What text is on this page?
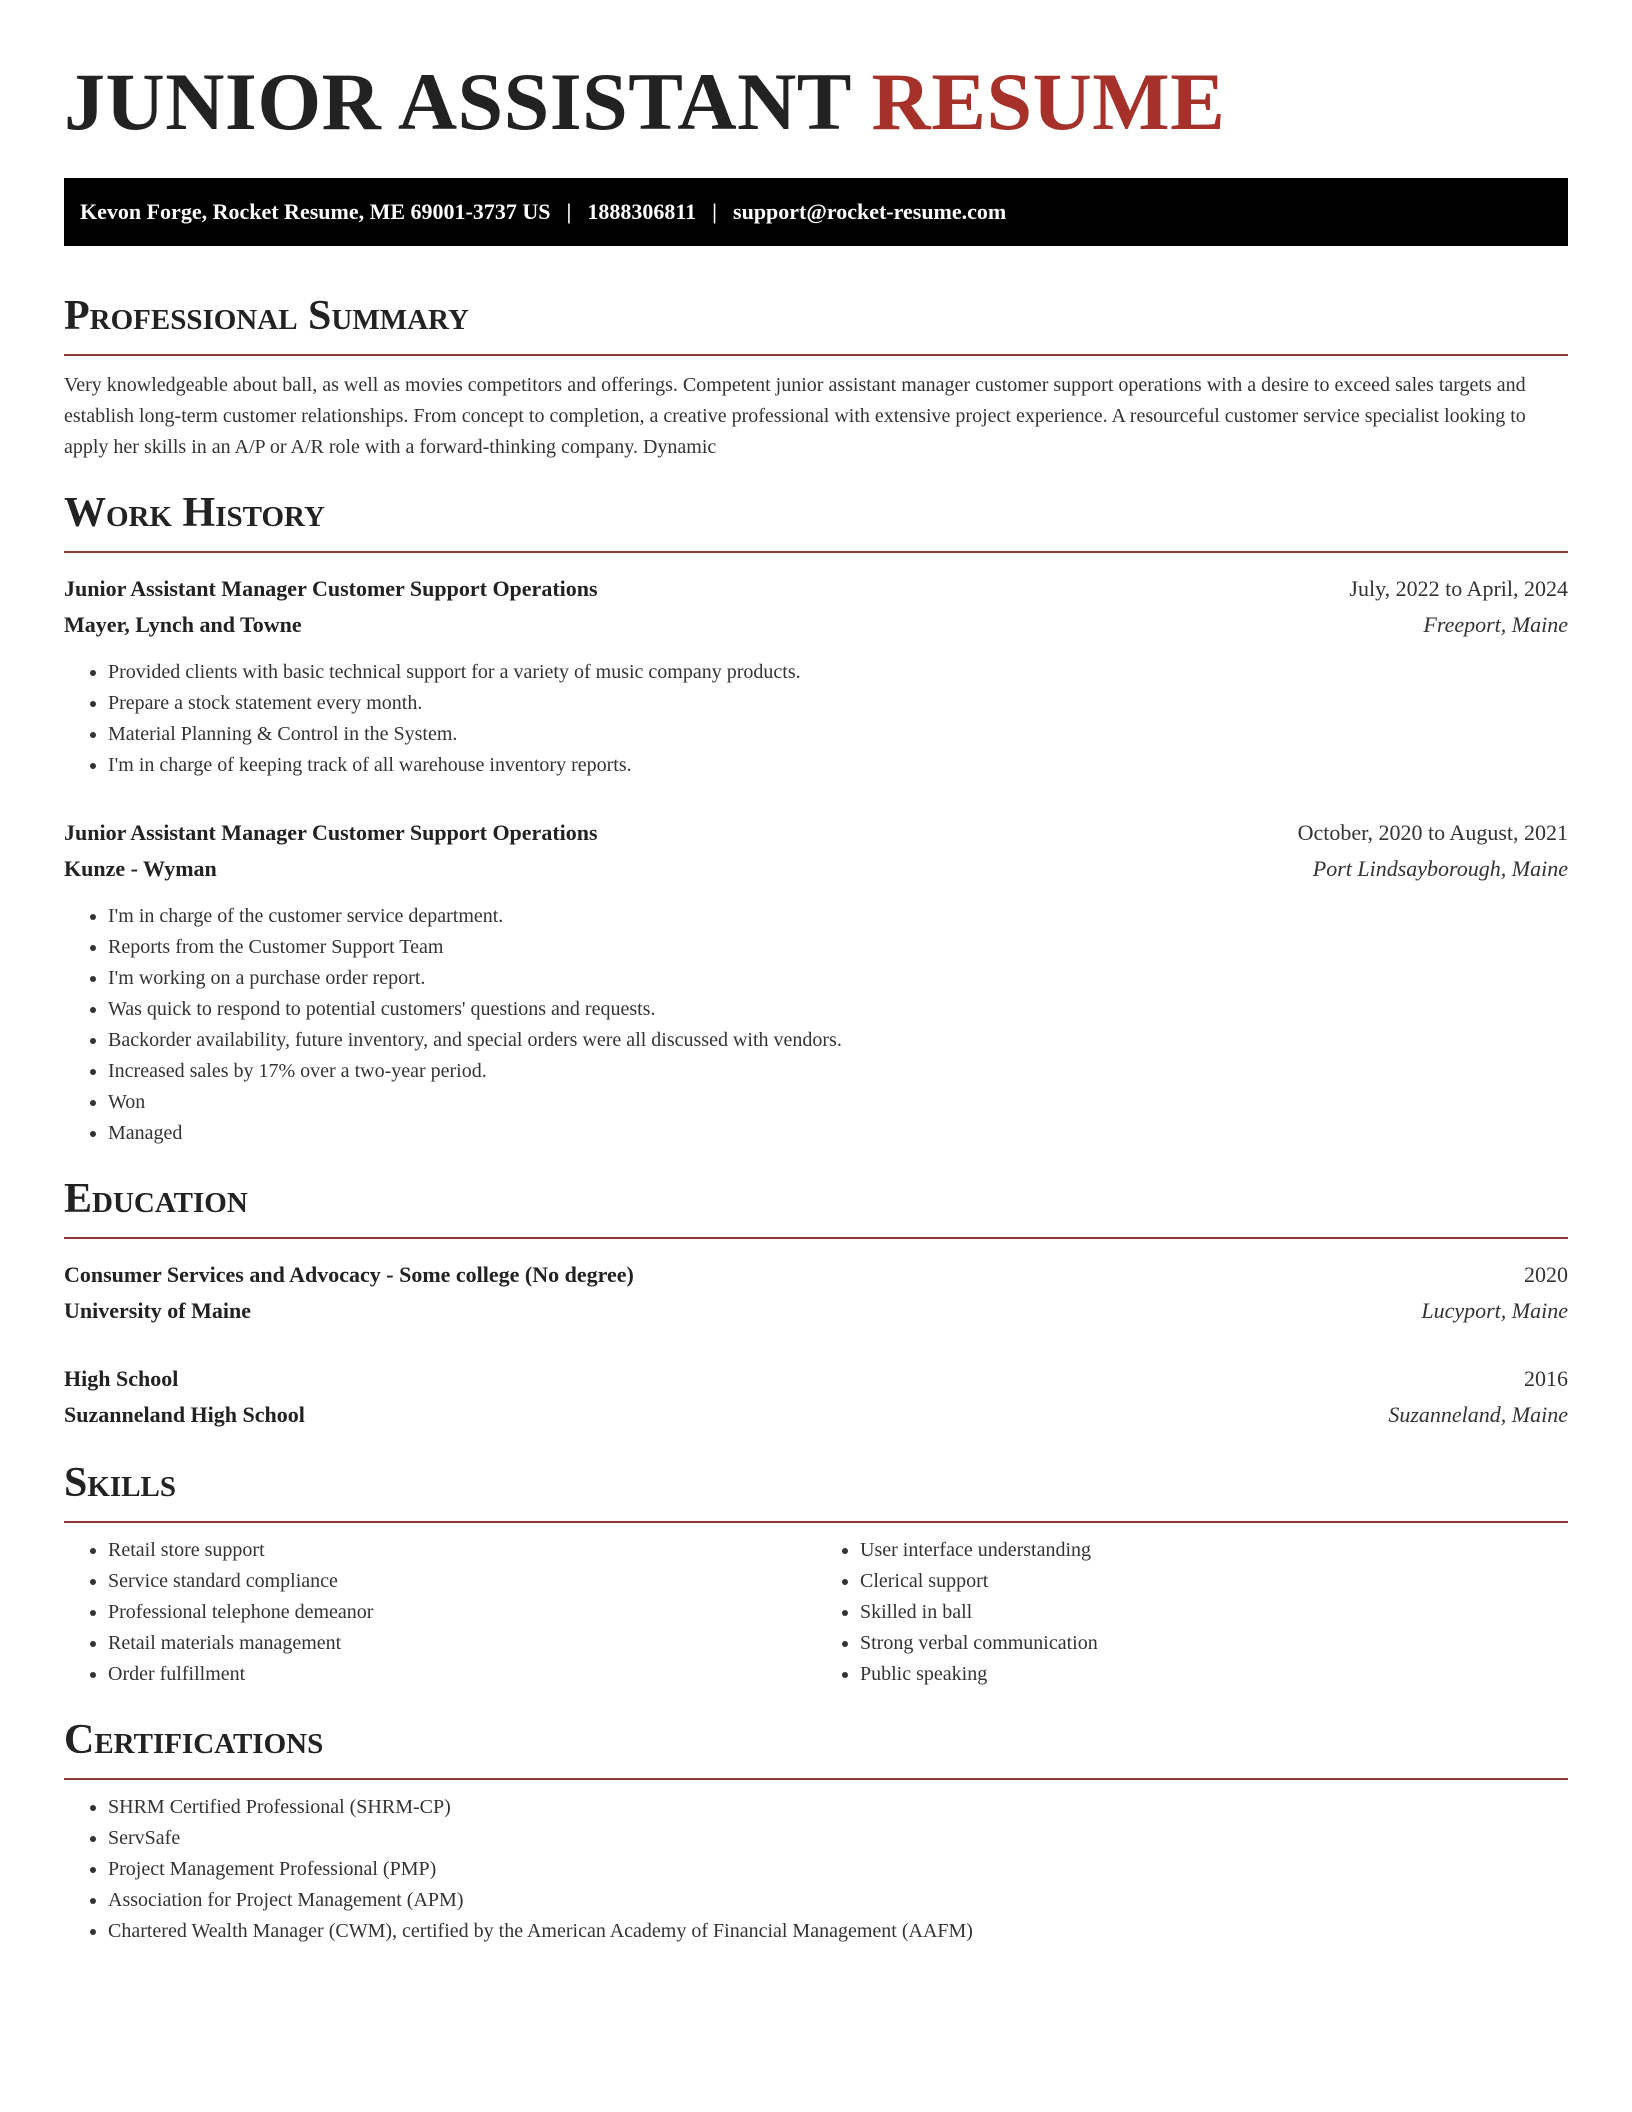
JUNIOR ASSISTANT RESUME
Kevon Forge, Rocket Resume, ME 69001-3737 US | 1888306811 | support@rocket-resume.com
Professional Summary

Very knowledgeable about ball, as well as movies competitors and offerings. Competent junior assistant manager customer support operations with a desire to exceed sales targets and establish long-term customer relationships. From concept to completion, a creative professional with extensive project experience. A resourceful customer service specialist looking to apply her skills in an A/P or A/R role with a forward-thinking company. Dynamic

Work History
Junior Assistant Manager Customer Support Operations	July, 2022 to April, 2024
Mayer, Lynch and Towne	Freeport, Maine
• Provided clients with basic technical support for a variety of music company products.
• Prepare a stock statement every month.
• Material Planning & Control in the System.
• I'm in charge of keeping track of all warehouse inventory reports.
Junior Assistant Manager Customer Support Operations	October, 2020 to August, 2021
Kunze - Wyman	Port Lindsayborough, Maine
• I'm in charge of the customer service department.
• Reports from the Customer Support Team
• I'm working on a purchase order report.
• Was quick to respond to potential customers' questions and requests.
• Backorder availability, future inventory, and special orders were all discussed with vendors.
• Increased sales by 17% over a two-year period.
• Won
• Managed
Education
Consumer Services and Advocacy - Some college (No degree)	2020
University of Maine	Lucyport, Maine
High School	2016
Suzanneland High School	Suzanneland, Maine
Skills
• Retail store support
• Service standard compliance
• Professional telephone demeanor
• Retail materials management
• Order fulfillment
• User interface understanding
• Clerical support
• Skilled in ball
• Strong verbal communication
• Public speaking
Certifications
• SHRM Certified Professional (SHRM-CP)
• ServSafe
• Project Management Professional (PMP)
• Association for Project Management (APM)
• Chartered Wealth Manager (CWM), certified by the American Academy of Financial Management (AAFM)
